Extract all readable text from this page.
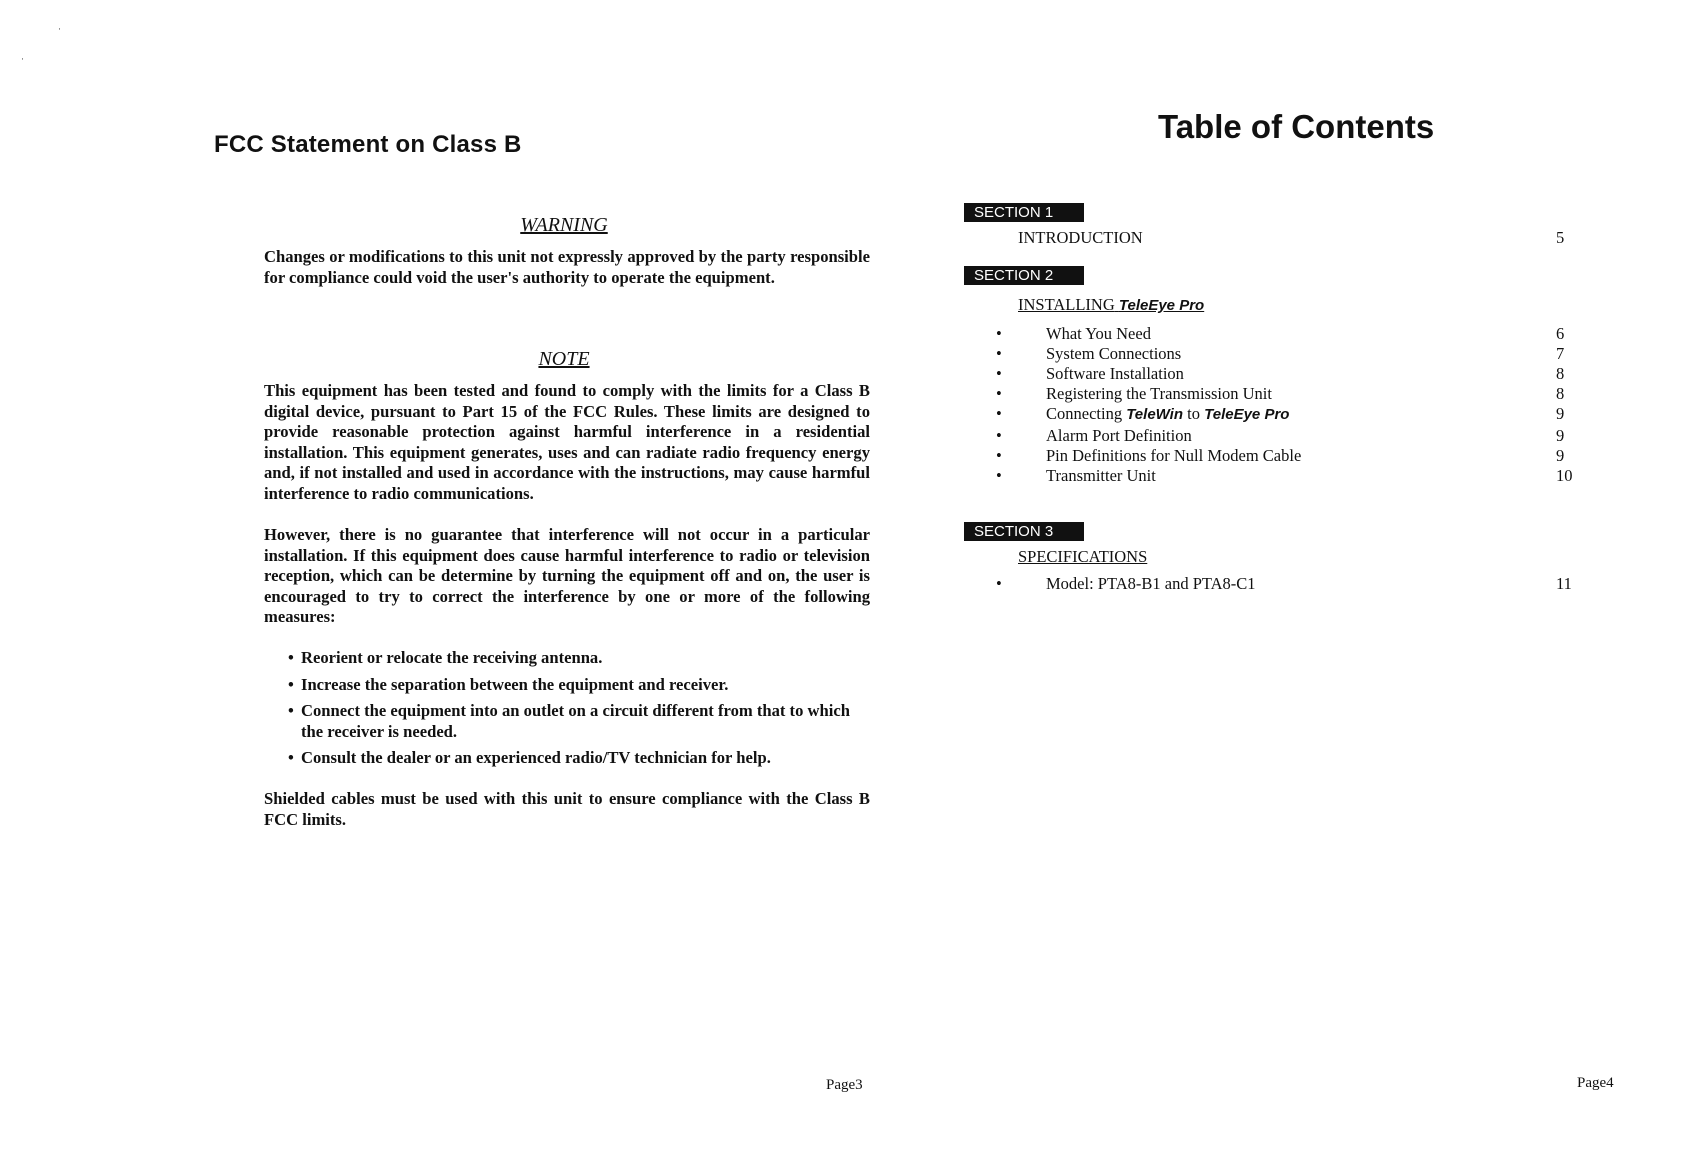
·
·
FCC Statement on Class B
WARNING
Changes or modifications to this unit not expressly approved by the party responsible for compliance could void the user's authority to operate the equipment.
NOTE
This equipment has been tested and found to comply with the limits for a Class B digital device, pursuant to Part 15 of the FCC Rules. These limits are designed to provide reasonable protection against harmful interference in a residential installation. This equipment generates, uses and can radiate radio frequency energy and, if not installed and used in accordance with the instructions, may cause harmful interference to radio communications.
However, there is no guarantee that interference will not occur in a particular installation. If this equipment does cause harmful interference to radio or television reception, which can be determine by turning the equipment off and on, the user is encouraged to try to correct the interference by one or more of the following measures:
• Reorient or relocate the receiving antenna.
• Increase the separation between the equipment and receiver.
• Connect the equipment into an outlet on a circuit different from that to which the receiver is needed.
• Consult the dealer or an experienced radio/TV technician for help.
Shielded cables must be used with this unit to ensure compliance with the Class B FCC limits.
Page3
Table of Contents
SECTION 1
INTRODUCTION	5
SECTION 2
INSTALLING TeleEye Pro
•	What You Need	6
•	System Connections	7
•	Software Installation	8
•	Registering the Transmission Unit	8
•	Connecting TeleWin to TeleEye Pro	9
•	Alarm Port Definition	9
•	Pin Definitions for Null Modem Cable	9
•	Transmitter Unit	10
SECTION 3
SPECIFICATIONS
•	Model: PTA8-B1 and PTA8-C1	11
Page4
